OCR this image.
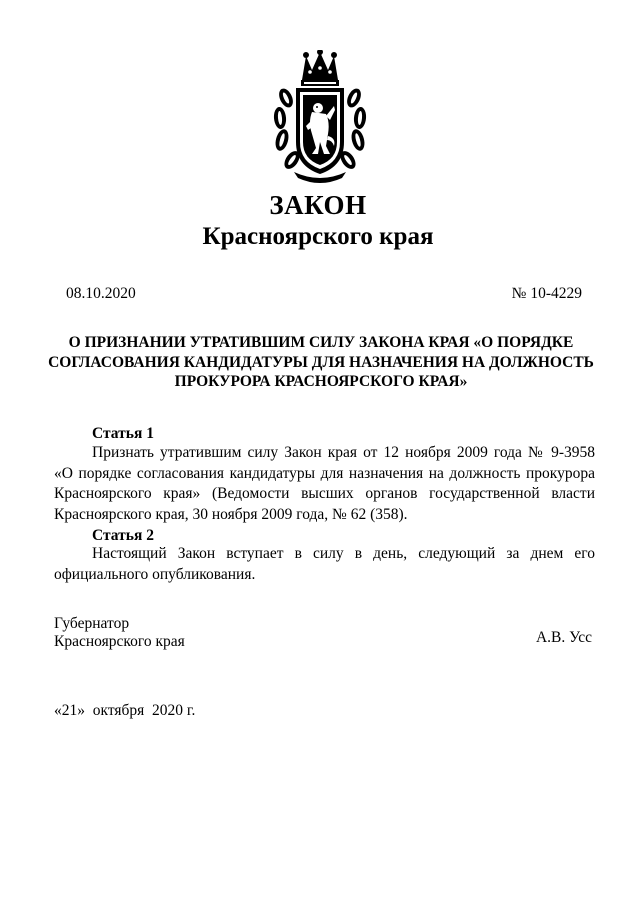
ЗАКОН
Красноярского края
08.10.2020	№ 10-4229
О ПРИЗНАНИИ УТРАТИВШИМ СИЛУ ЗАКОНА КРАЯ «О ПОРЯДКЕ
СОГЛАСОВАНИЯ КАНДИДАТУРЫ ДЛЯ НАЗНАЧЕНИЯ НА ДОЛЖНОСТЬ
ПРОКУРОРА КРАСНОЯРСКОГО КРАЯ»
Статья 1
Признать утратившим силу Закон края от 12 ноября 2009 года № 9-3958
«О порядке согласования кандидатуры для назначения на должность прокурора
Красноярского края» (Ведомости высших органов государственной власти
Красноярского края, 30 ноября 2009 года, № 62 (358).
Статья 2
Настоящий Закон вступает в силу в день, следующий за днем его
официального опубликования.
Губернатор
Красноярского края	А.В. Усс
«21»  октября  2020 г.
